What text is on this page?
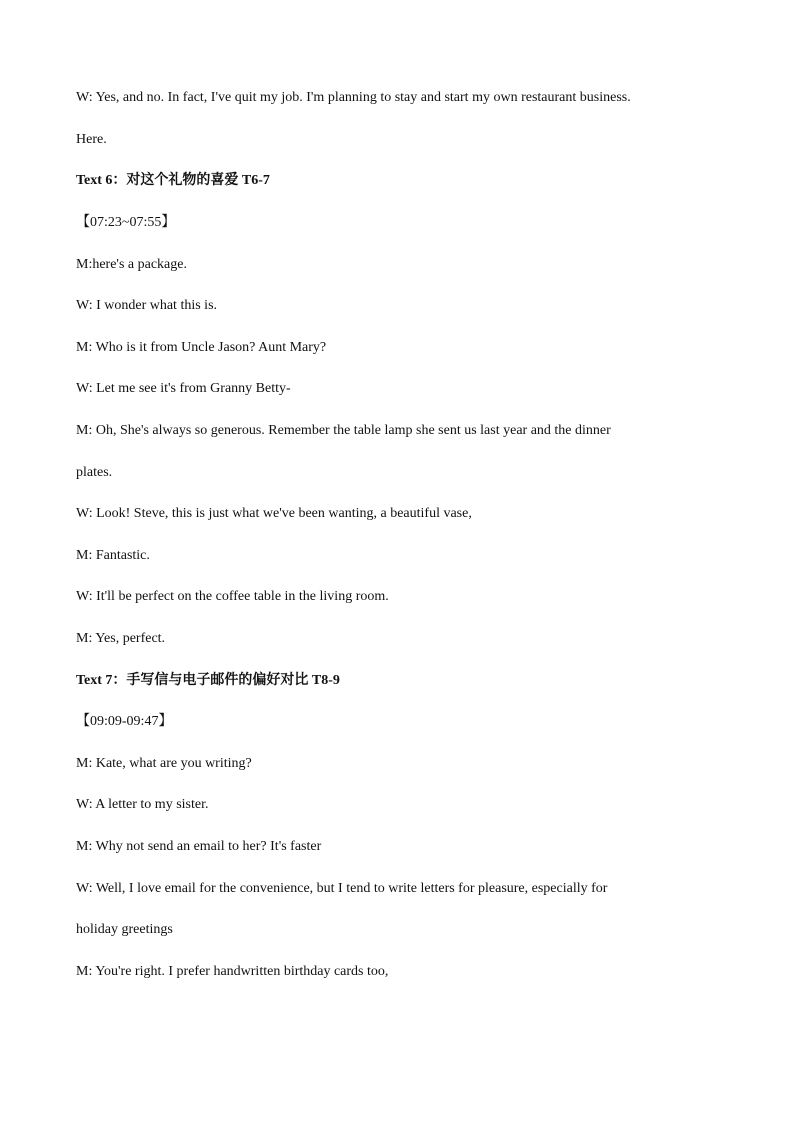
W: Yes, and no. In fact, I've quit my job. I'm planning to stay and start my own restaurant business.
Here.
Text 6：对这个礼物的喜爱 T6-7
【07:23~07:55】
M:here's a package.
W: I wonder what this is.
M: Who is it from Uncle Jason? Aunt Mary?
W: Let me see it's from Granny Betty-
M: Oh, She's always so generous. Remember the table lamp she sent us last year and the dinner
plates.
W: Look! Steve, this is just what we've been wanting, a beautiful vase,
M: Fantastic.
W: It'll be perfect on the coffee table in the living room.
M: Yes, perfect.
Text 7：手写信与电子邮件的偏好对比 T8-9
【09:09-09:47】
M: Kate, what are you writing?
W: A letter to my sister.
M: Why not send an email to her? It's faster
W: Well, I love email for the convenience, but I tend to write letters for pleasure, especially for
holiday greetings
M: You're right. I prefer handwritten birthday cards too,
